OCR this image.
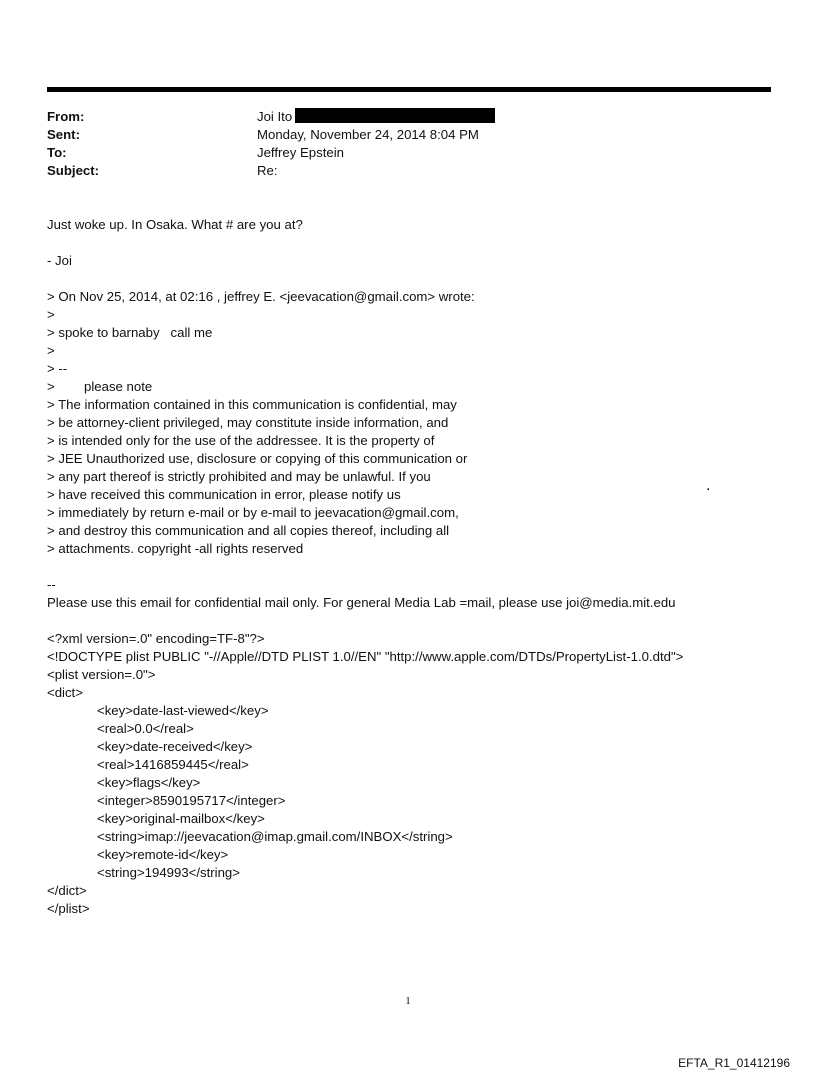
From:	Joi Ito
Sent:	Monday, November 24, 2014 8:04 PM
To:	Jeffrey Epstein
Subject:	Re:
Just woke up. In Osaka. What # are you at?
- Joi
> On Nov 25, 2014, at 02:16 , jeffrey E. <jeevacation@gmail.com> wrote:
>
> spoke to barnaby   call me
>
> --
>        please note
> The information contained in this communication is confidential, may
> be attorney-client privileged, may constitute inside information, and
> is intended only for the use of the addressee. It is the property of
> JEE Unauthorized use, disclosure or copying of this communication or
> any part thereof is strictly prohibited and may be unlawful. If you
> have received this communication in error, please notify us
> immediately by return e-mail or by e-mail to jeevacation@gmail.com,
> and destroy this communication and all copies thereof, including all
> attachments. copyright -all rights reserved
.
--
Please use this email for confidential mail only. For general Media Lab =mail, please use joi@media.mit.edu
<?xml version=.0" encoding=TF-8"?>
<!DOCTYPE plist PUBLIC "-//Apple//DTD PLIST 1.0//EN" "http://www.apple.com/DTDs/PropertyList-1.0.dtd">
<plist version=.0">
<dict>
<key>date-last-viewed</key>
<real>0.0</real>
<key>date-received</key>
<real>1416859445</real>
<key>flags</key>
<integer>8590195717</integer>
<key>original-mailbox</key>
<string>imap://jeevacation@imap.gmail.com/INBOX</string>
<key>remote-id</key>
<string>194993</string>
</dict>
</plist>
1
EFTA_R1_01412196
